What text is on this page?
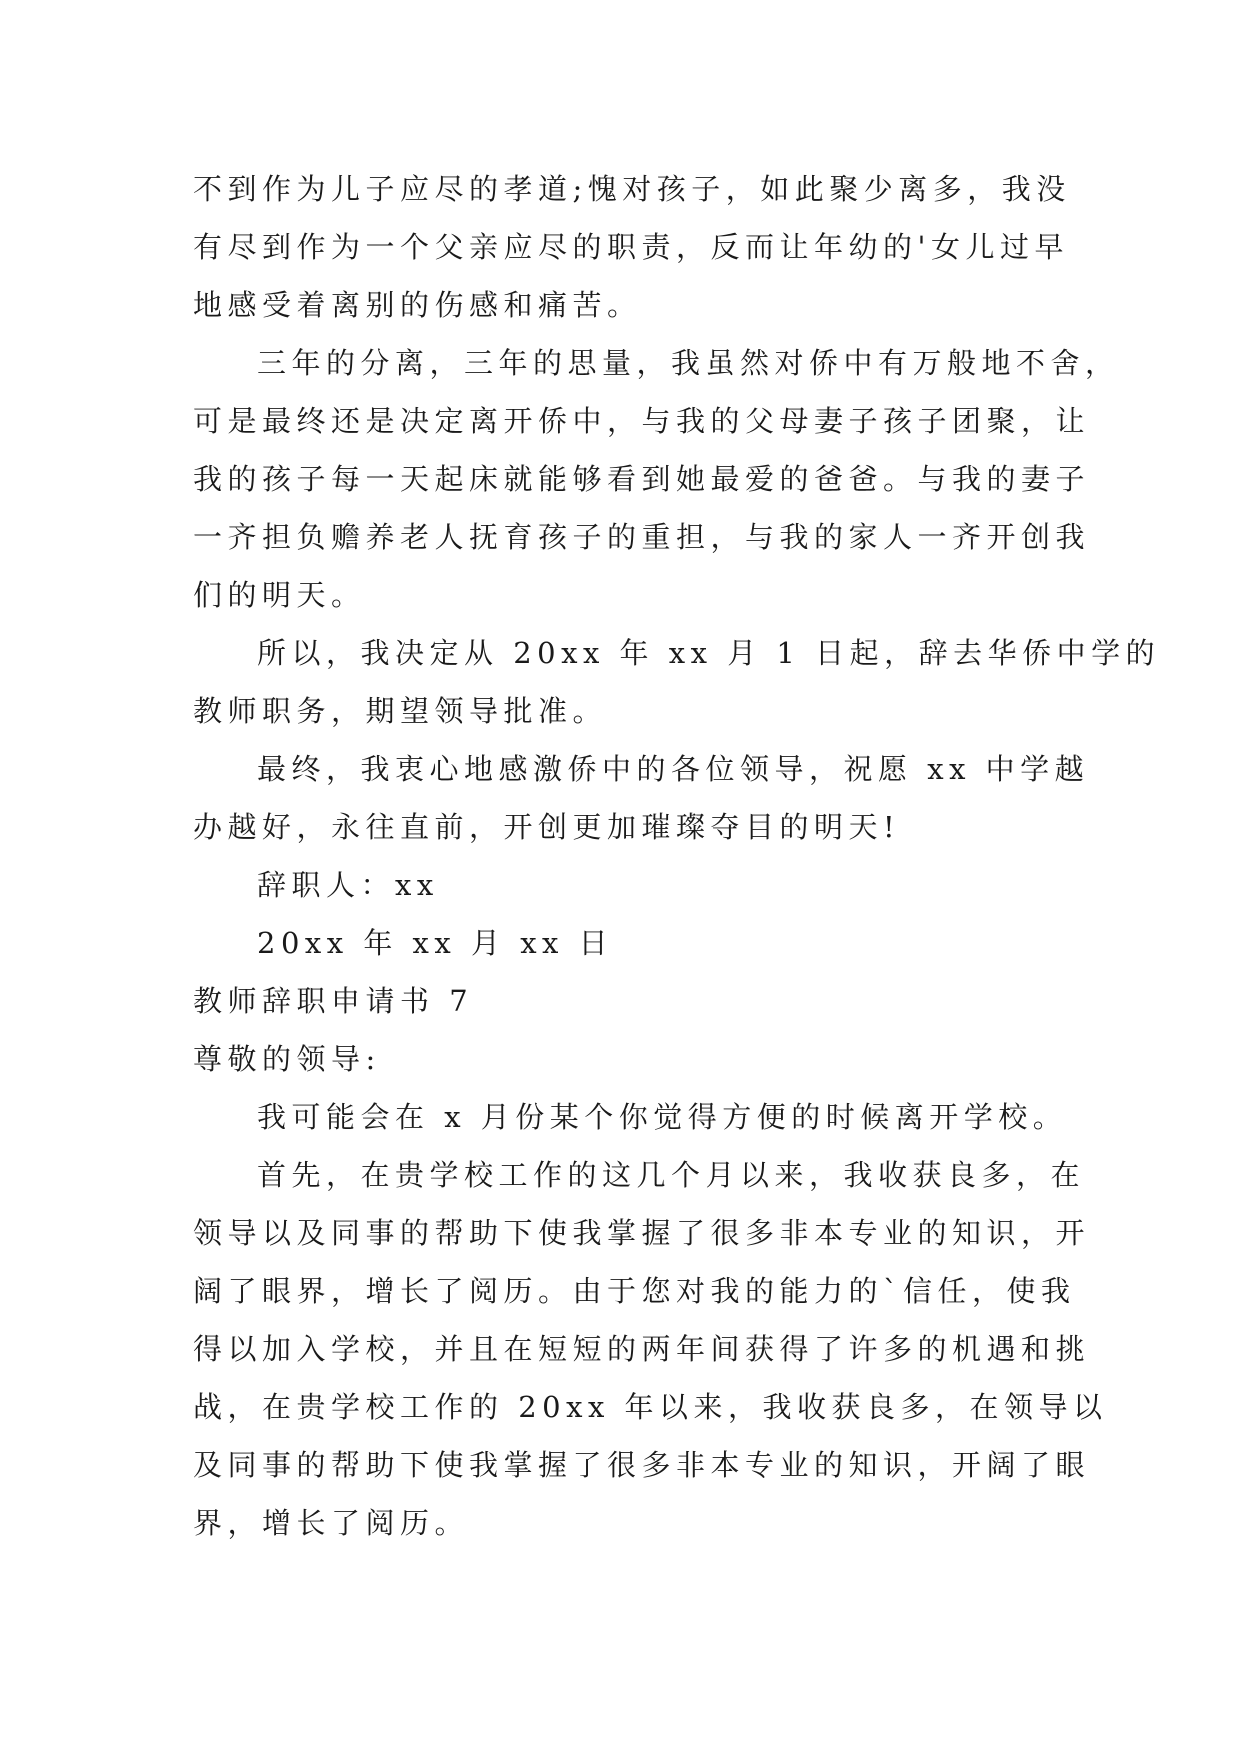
不到作为儿子应尽的孝道;愧对孩子，如此聚少离多，我没
有尽到作为一个父亲应尽的职责，反而让年幼的'女儿过早
地感受着离别的伤感和痛苦。
三年的分离，三年的思量，我虽然对侨中有万般地不舍，
可是最终还是决定离开侨中，与我的父母妻子孩子团聚，让
我的孩子每一天起床就能够看到她最爱的爸爸。与我的妻子
一齐担负赡养老人抚育孩子的重担，与我的家人一齐开创我
们的明天。
所以，我决定从 20xx 年 xx 月 1 日起，辞去华侨中学的
教师职务，期望领导批准。
最终，我衷心地感激侨中的各位领导，祝愿 xx 中学越
办越好，永往直前，开创更加璀璨夺目的明天!
辞职人：xx
20xx 年 xx 月 xx 日
教师辞职申请书 7
尊敬的领导:
我可能会在 x 月份某个你觉得方便的时候离开学校。
首先，在贵学校工作的这几个月以来，我收获良多，在
领导以及同事的帮助下使我掌握了很多非本专业的知识，开
阔了眼界，增长了阅历。由于您对我的能力的`信任，使我
得以加入学校，并且在短短的两年间获得了许多的机遇和挑
战，在贵学校工作的 20xx 年以来，我收获良多，在领导以
及同事的帮助下使我掌握了很多非本专业的知识，开阔了眼
界，增长了阅历。
